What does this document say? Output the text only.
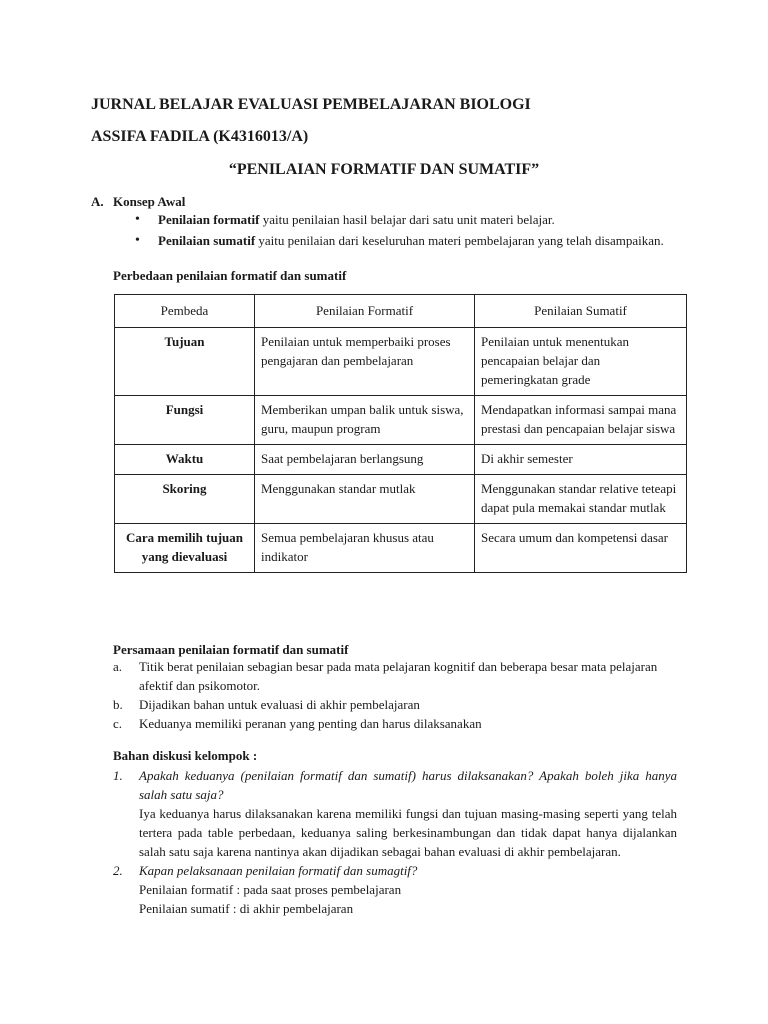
JURNAL BELAJAR EVALUASI PEMBELAJARAN BIOLOGI
ASSIFA FADILA (K4316013/A)
“PENILAIAN FORMATIF DAN SUMATIF”
A. Konsep Awal
• Penilaian formatif yaitu penilaian hasil belajar dari satu unit materi belajar.
• Penilaian sumatif yaitu penilaian dari keseluruhan materi pembelajaran yang telah disampaikan.
Perbedaan penilaian formatif dan sumatif
Pembeda	Penilaian Formatif	Penilaian Sumatif
Tujuan	Penilaian untuk memperbaiki proses pengajaran dan pembelajaran	Penilaian untuk menentukan pencapaian belajar dan pemeringkatan grade
Fungsi	Memberikan umpan balik untuk siswa, guru, maupun program	Mendapatkan informasi sampai mana prestasi dan pencapaian belajar siswa
Waktu	Saat pembelajaran berlangsung	Di akhir semester
Skoring	Menggunakan standar mutlak	Menggunakan standar relative teteapi dapat pula memakai standar mutlak
Cara memilih tujuan yang dievaluasi	Semua pembelajaran khusus atau indikator	Secara umum dan kompetensi dasar
Persamaan penilaian formatif dan sumatif
a. Titik berat penilaian sebagian besar pada mata pelajaran kognitif dan beberapa besar mata pelajaran afektif dan psikomotor.
b. Dijadikan bahan untuk evaluasi di akhir pembelajaran
c. Keduanya memiliki peranan yang penting dan harus dilaksanakan
Bahan diskusi kelompok :
1. Apakah keduanya (penilaian formatif dan sumatif) harus dilaksanakan? Apakah boleh jika hanya salah satu saja?
Iya keduanya harus dilaksanakan karena memiliki fungsi dan tujuan masing-masing seperti yang telah tertera pada table perbedaan, keduanya saling berkesinambungan dan tidak dapat hanya dijalankan salah satu saja karena nantinya akan dijadikan sebagai bahan evaluasi di akhir pembelajaran.
2. Kapan pelaksanaan penilaian formatif dan sumagtif?
Penilaian formatif : pada saat proses pembelajaran
Penilaian sumatif : di akhir pembelajaran
